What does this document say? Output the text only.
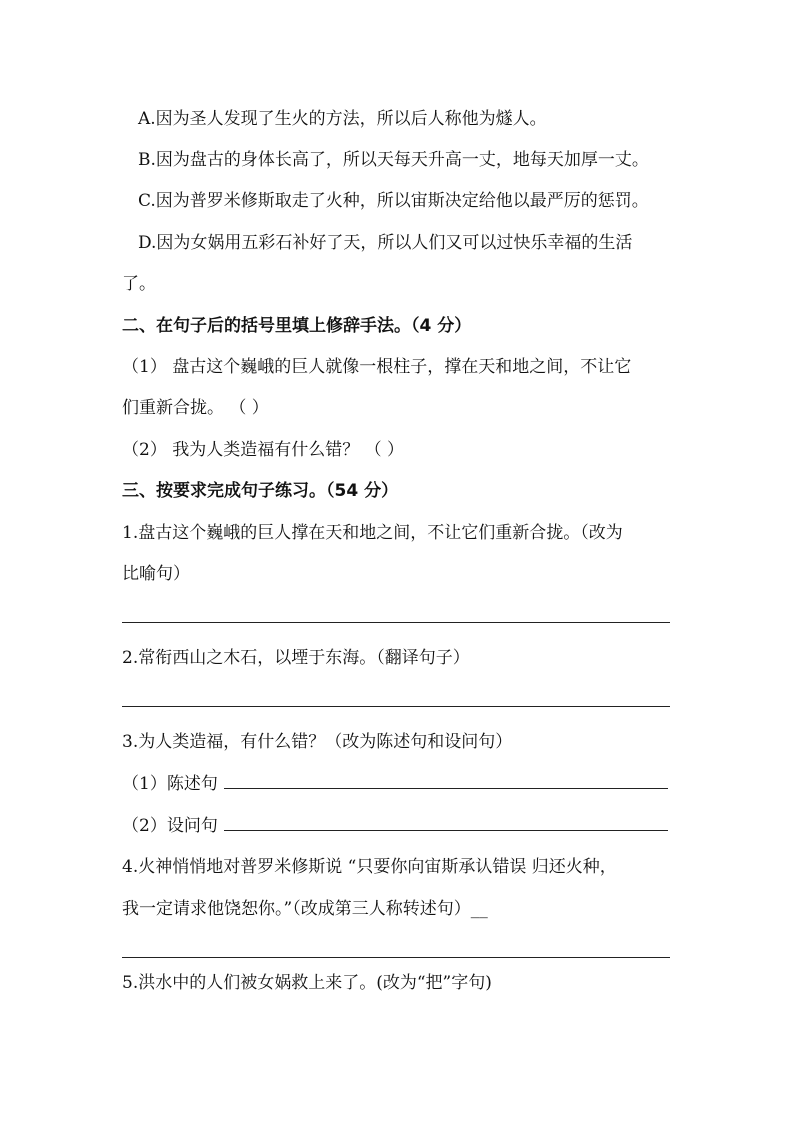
A.因为圣人发现了生火的方法，所以后人称他为燧人。
B.因为盘古的身体长高了，所以天每天升高一丈，地每天加厚一丈。
C.因为普罗米修斯取走了火种，所以宙斯决定给他以最严厉的惩罚。
D.因为女娲用五彩石补好了天，所以人们又可以过快乐幸福的生活
了。
二、在句子后的括号里填上修辞手法。（4 分）
（1） 盘古这个巍峨的巨人就像一根柱子，撑在天和地之间，不让它
们重新合拢。 （ ）
（2） 我为人类造福有什么错？ （ ）
三、按要求完成句子练习。（54 分）
1.盘古这个巍峨的巨人撑在天和地之间，不让它们重新合拢。（改为
比喻句）
2.常衔西山之木石，以堙于东海。（翻译句子）
3.为人类造福，有什么错？（改为陈述句和设问句）
（1）陈述句
（2）设问句
4.火神悄悄地对普罗米修斯说 “只要你向宙斯承认错误 归还火种，
我一定请求他饶恕你。”（改成第三人称转述句）__
5.洪水中的人们被女娲救上来了。(改为“把”字句)
